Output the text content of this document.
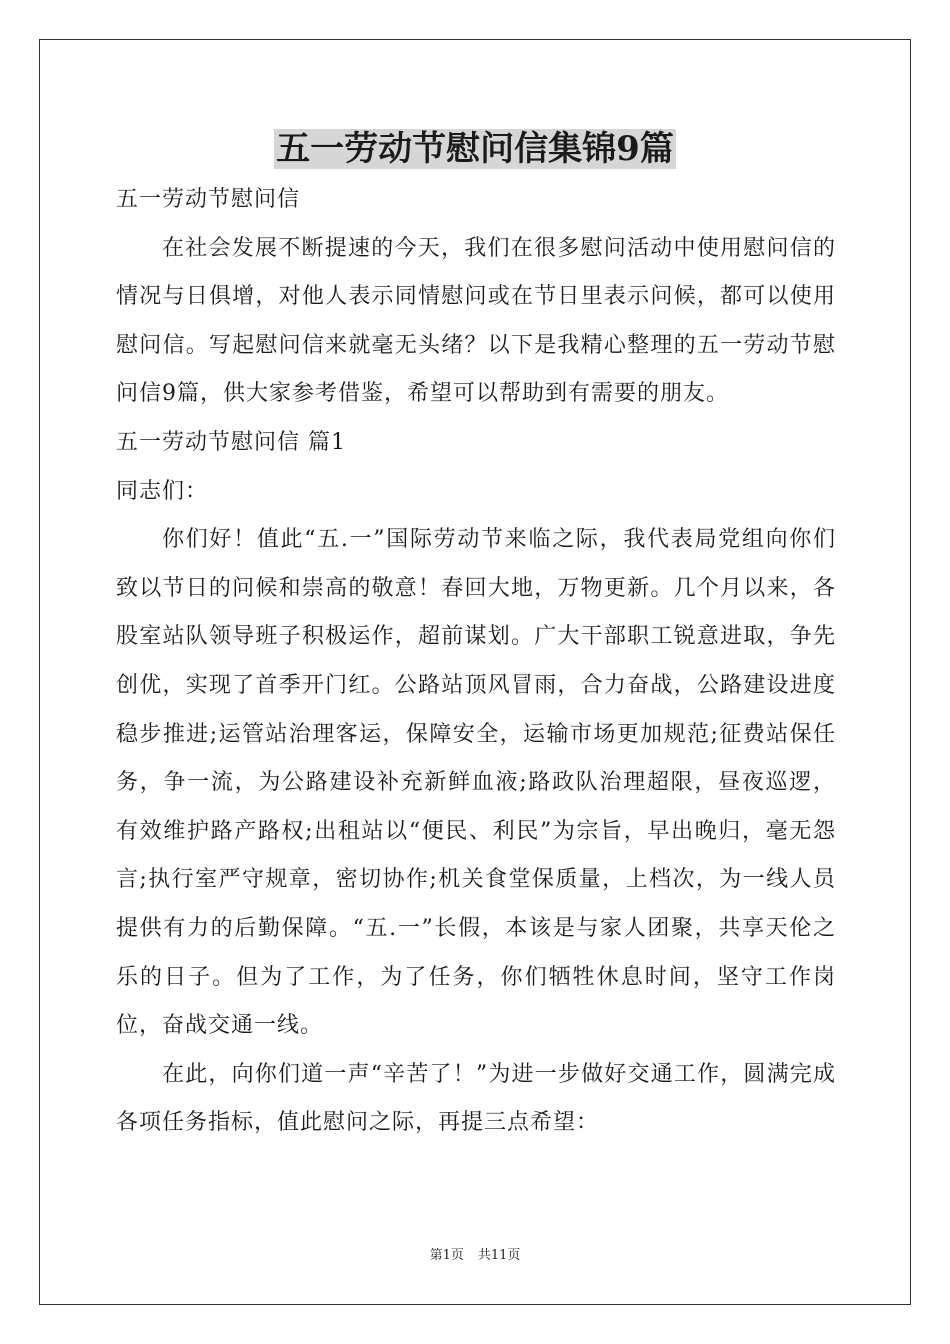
五一劳动节慰问信集锦9篇

五一劳动节慰问信

在社会发展不断提速的今天，我们在很多慰问活动中使用慰问信的情况与日俱增，对他人表示同情慰问或在节日里表示问候，都可以使用慰问信。写起慰问信来就毫无头绪？以下是我精心整理的五一劳动节慰问信9篇，供大家参考借鉴，希望可以帮助到有需要的朋友。

五一劳动节慰问信 篇1

同志们：

你们好！值此“五.一”国际劳动节来临之际，我代表局党组向你们致以节日的问候和崇高的敬意！春回大地，万物更新。几个月以来，各股室站队领导班子积极运作，超前谋划。广大干部职工锐意进取，争先创优，实现了首季开门红。公路站顶风冒雨，合力奋战，公路建设进度稳步推进;运管站治理客运，保障安全，运输市场更加规范;征费站保任务，争一流，为公路建设补充新鲜血液;路政队治理超限，昼夜巡逻，有效维护路产路权;出租站以“便民、利民”为宗旨，早出晚归，毫无怨言;执行室严守规章，密切协作;机关食堂保质量，上档次，为一线人员提供有力的后勤保障。“五.一”长假，本该是与家人团聚，共享天伦之乐的日子。但为了工作，为了任务，你们牺牲休息时间，坚守工作岗位，奋战交通一线。

在此，向你们道一声“辛苦了！”为进一步做好交通工作，圆满完成各项任务指标，值此慰问之际，再提三点希望：

第1页 共11页
